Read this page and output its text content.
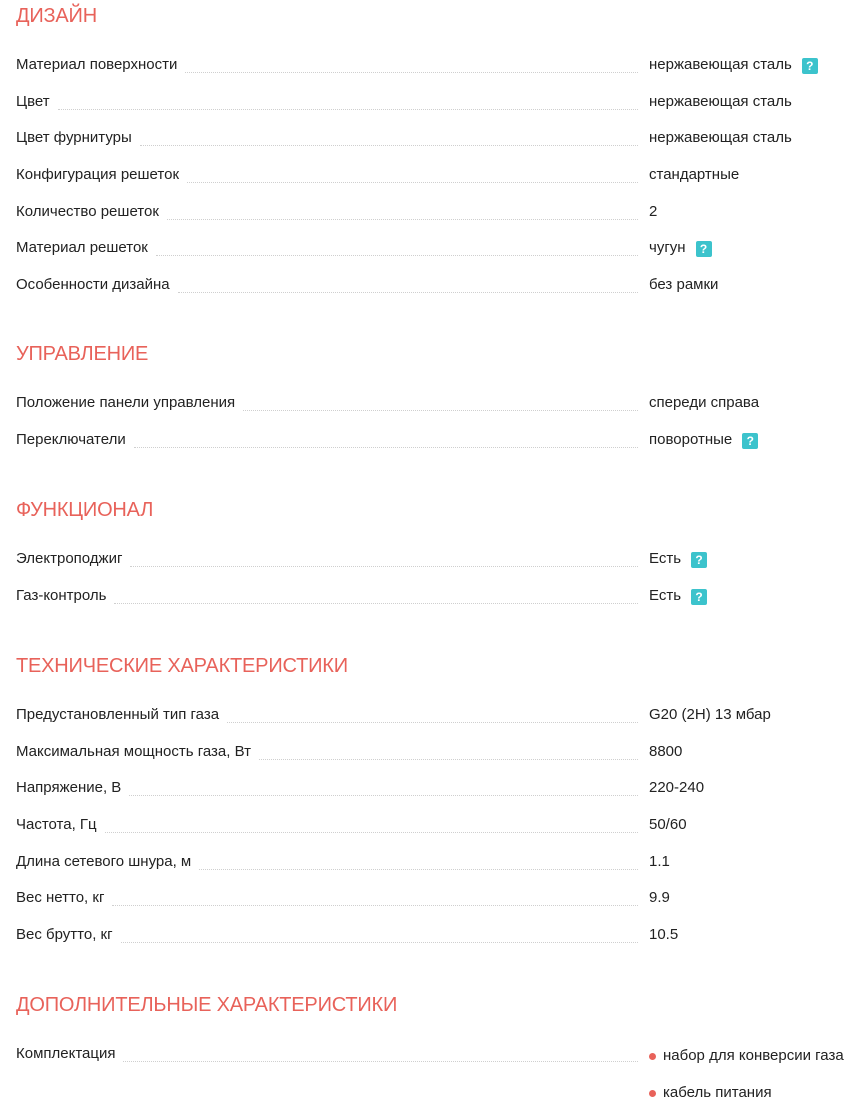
ДИЗАЙН
Материал поверхности	нержавеющая сталь	?
Цвет	нержавеющая сталь
Цвет фурнитуры	нержавеющая сталь
Конфигурация решеток	стандартные
Количество решеток	2
Материал решеток	чугун	?
Особенности дизайна	без рамки
УПРАВЛЕНИЕ
Положение панели управления	спереди справа
Переключатели	поворотные	?
ФУНКЦИОНАЛ
Электроподжиг	Есть	?
Газ-контроль	Есть	?
ТЕХНИЧЕСКИЕ ХАРАКТЕРИСТИКИ
Предустановленный тип газа	G20 (2H) 13 мбар
Максимальная мощность газа, Вт	8800
Напряжение, В	220-240
Частота, Гц	50/60
Длина сетевого шнура, м	1.1
Вес нетто, кг	9.9
Вес брутто, кг	10.5
ДОПОЛНИТЕЛЬНЫЕ ХАРАКТЕРИСТИКИ
Комплектация	набор для конверсии газа
кабель питания
